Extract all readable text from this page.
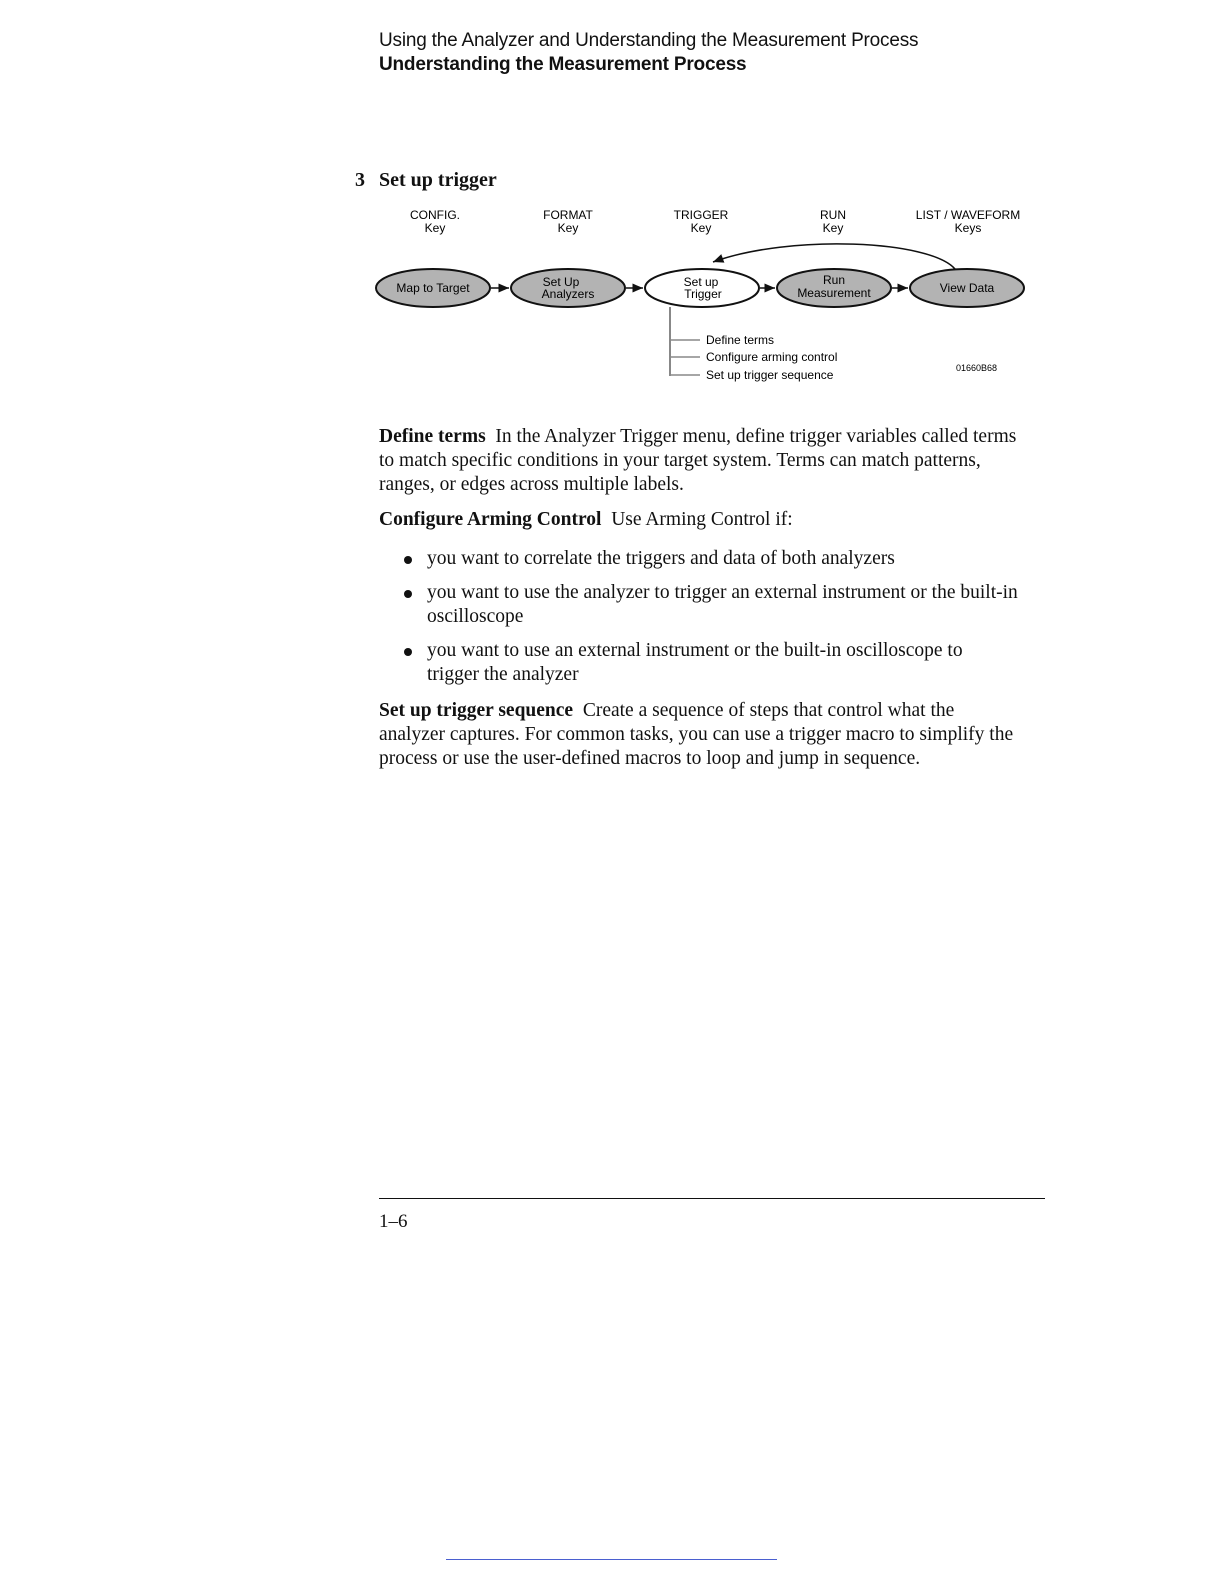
Using the Analyzer and Understanding the Measurement Process
Understanding the Measurement Process
3 Set up trigger
CONFIG.
Key
FORMAT
Key
TRIGGER
Key
RUN
Key
LIST / WAVEFORM
Keys
Map to Target	Set Up
Analyzers
Set up
Trigger
Run
Measurement	View Data
Define terms
Configure arming control
Set up trigger sequence	01660B68
Define terms In the Analyzer Trigger menu, define trigger variables called terms to match specific conditions in your target system. Terms can match patterns, ranges, or edges across multiple labels.
Configure Arming Control Use Arming Control if:
you want to correlate the triggers and data of both analyzers
you want to use the analyzer to trigger an external instrument or the built-in oscilloscope
you want to use an external instrument or the built-in oscilloscope to trigger the analyzer
Set up trigger sequence Create a sequence of steps that control what the analyzer captures. For common tasks, you can use a trigger macro to simplify the process or use the user-defined macros to loop and jump in sequence.
1–6
